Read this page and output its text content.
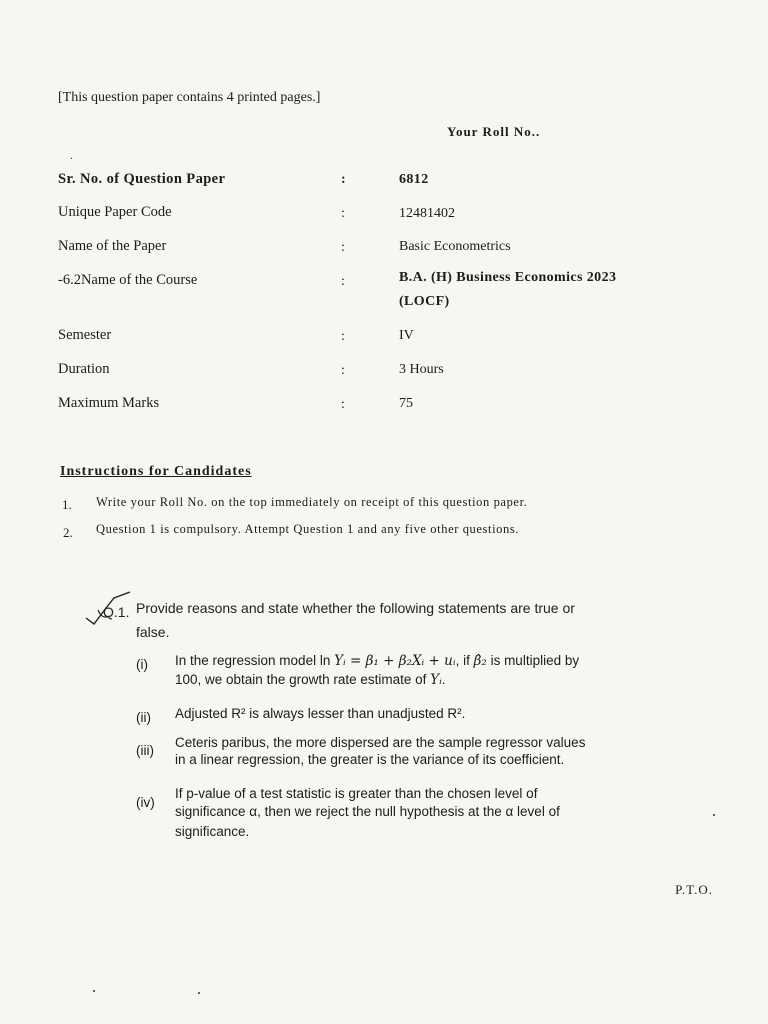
[This question paper contains 4 printed pages.]
Your Roll No..
.
Sr. No. of Question Paper	:	6812
Unique Paper Code	:	12481402
Name of the Paper	:	Basic Econometrics
-6.2Name of the Course	:	B.A. (H) Business Economics 2023
(LOCF)
Semester	:	IV
Duration	:	3 Hours
Maximum Marks	:	75
Instructions for Candidates
1. Write your Roll No. on the top immediately on receipt of this question paper.
2. Question 1 is compulsory. Attempt Question 1 and any five other questions.
Q.1. Provide reasons and state whether the following statements are true or
false.
(i) In the regression model ln Yᵢ = β₁ + β₂Xᵢ + uᵢ, if β̂₂ is multiplied by
100, we obtain the growth rate estimate of Yᵢ.
(ii) Adjusted R² is always lesser than unadjusted R².
(iii)
Ceteris paribus, the more dispersed are the sample regressor values
in a linear regression, the greater is the variance of its coefficient.
(iv)
If p-value of a test statistic is greater than the chosen level of
significance α, then we reject the null hypothesis at the α level of
significance.
P.T.O.
